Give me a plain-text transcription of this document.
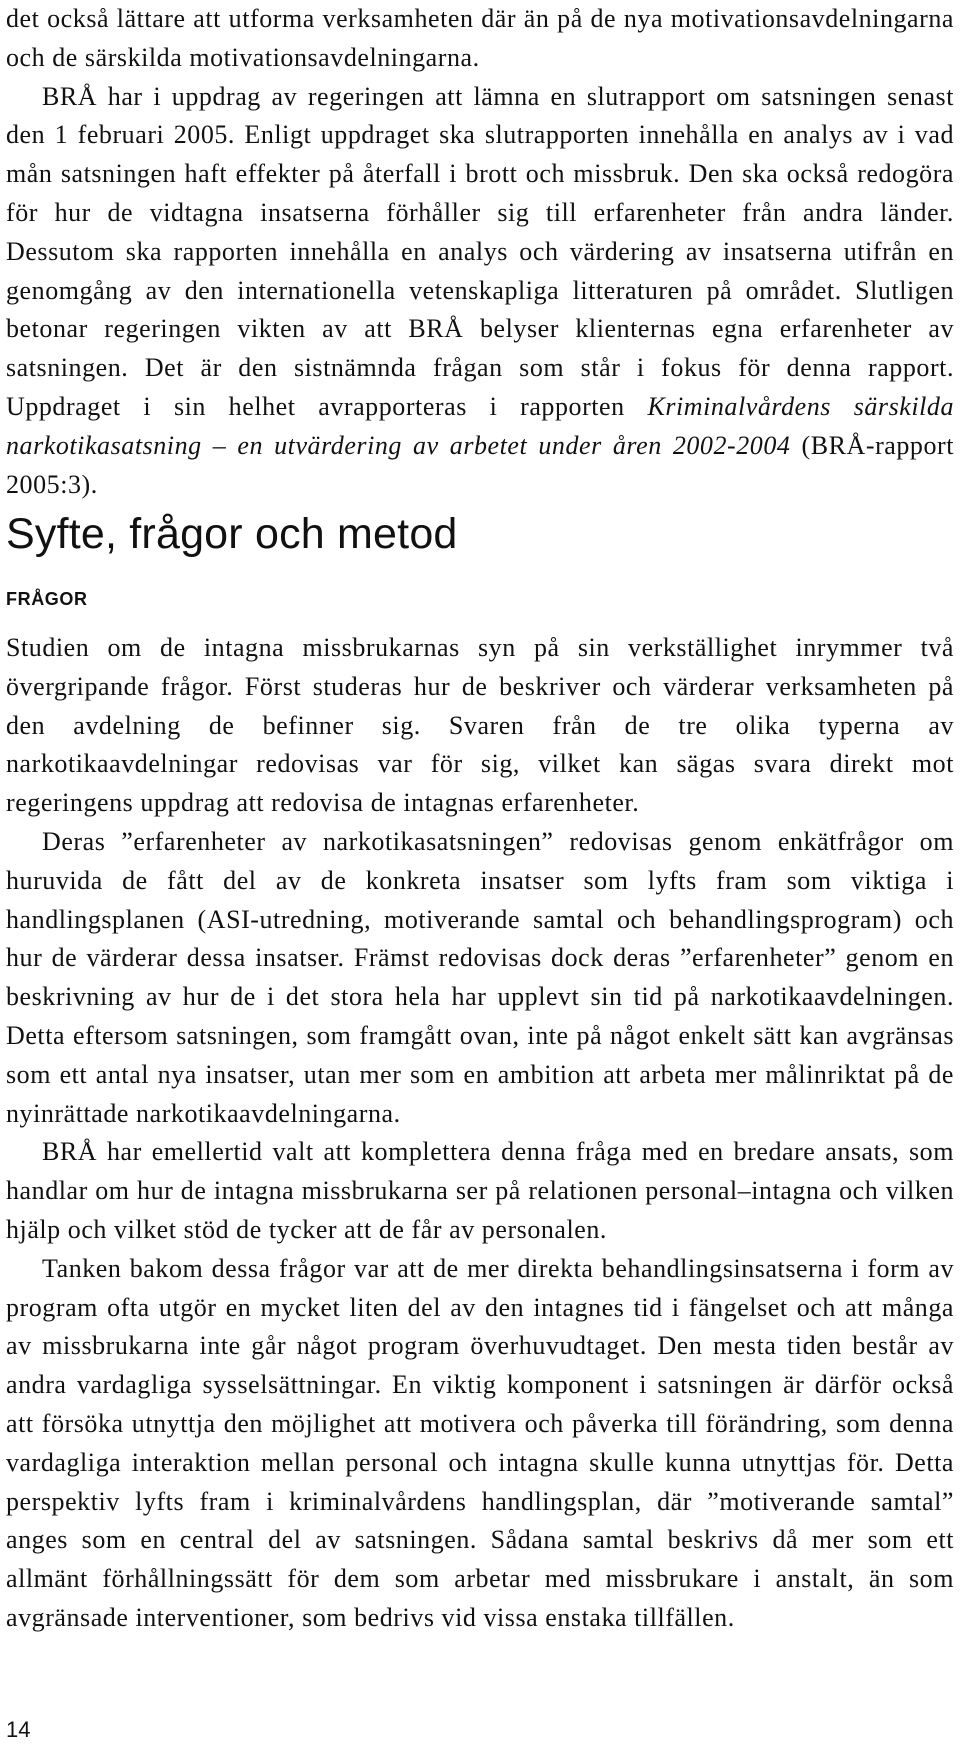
det också lättare att utforma verksamheten där än på de nya motivationsavdelningarna och de särskilda motivationsavdelningarna.

BRÅ har i uppdrag av regeringen att lämna en slutrapport om satsningen senast den 1 februari 2005. Enligt uppdraget ska slutrapporten innehålla en analys av i vad mån satsningen haft effekter på återfall i brott och missbruk. Den ska också redogöra för hur de vidtagna insatserna förhåller sig till erfarenheter från andra länder. Dessutom ska rapporten innehålla en analys och värdering av insatserna utifrån en genomgång av den internationella vetenskapliga litteraturen på området. Slutligen betonar regeringen vikten av att BRÅ belyser klienternas egna erfarenheter av satsningen. Det är den sistnämnda frågan som står i fokus för denna rapport. Uppdraget i sin helhet avrapporteras i rapporten Kriminalvårdens särskilda narkotikasatsning – en utvärdering av arbetet under åren 2002-2004 (BRÅ-rapport 2005:3).

Syfte, frågor och metod
FRÅGOR

Studien om de intagna missbrukarnas syn på sin verkställighet inrymmer två övergripande frågor. Först studeras hur de beskriver och värderar verksamheten på den avdelning de befinner sig. Svaren från de tre olika typerna av narkotikaavdelningar redovisas var för sig, vilket kan sägas svara direkt mot regeringens uppdrag att redovisa de intagnas erfarenheter.

Deras ”erfarenheter av narkotikasatsningen” redovisas genom enkätfrågor om huruvida de fått del av de konkreta insatser som lyfts fram som viktiga i handlingsplanen (ASI-utredning, motiverande samtal och behandlingsprogram) och hur de värderar dessa insatser. Främst redovisas dock deras ”erfarenheter” genom en beskrivning av hur de i det stora hela har upplevt sin tid på narkotikaavdelningen. Detta eftersom satsningen, som framgått ovan, inte på något enkelt sätt kan avgränsas som ett antal nya insatser, utan mer som en ambition att arbeta mer målinriktat på de nyinrättade narkotikaavdelningarna.

BRÅ har emellertid valt att komplettera denna fråga med en bredare ansats, som handlar om hur de intagna missbrukarna ser på relationen personal–intagna och vilken hjälp och vilket stöd de tycker att de får av personalen.

Tanken bakom dessa frågor var att de mer direkta behandlingsinsatserna i form av program ofta utgör en mycket liten del av den intagnes tid i fängelset och att många av missbrukarna inte går något program överhuvudtaget. Den mesta tiden består av andra vardagliga sysselsättningar. En viktig komponent i satsningen är därför också att försöka utnyttja den möjlighet att motivera och påverka till förändring, som denna vardagliga interaktion mellan personal och intagna skulle kunna utnyttjas för. Detta perspektiv lyfts fram i kriminalvårdens handlingsplan, där ”motiverande samtal” anges som en central del av satsningen. Sådana samtal beskrivs då mer som ett allmänt förhållningssätt för dem som arbetar med missbrukare i anstalt, än som avgränsade interventioner, som bedrivs vid vissa enstaka tillfällen.

14
